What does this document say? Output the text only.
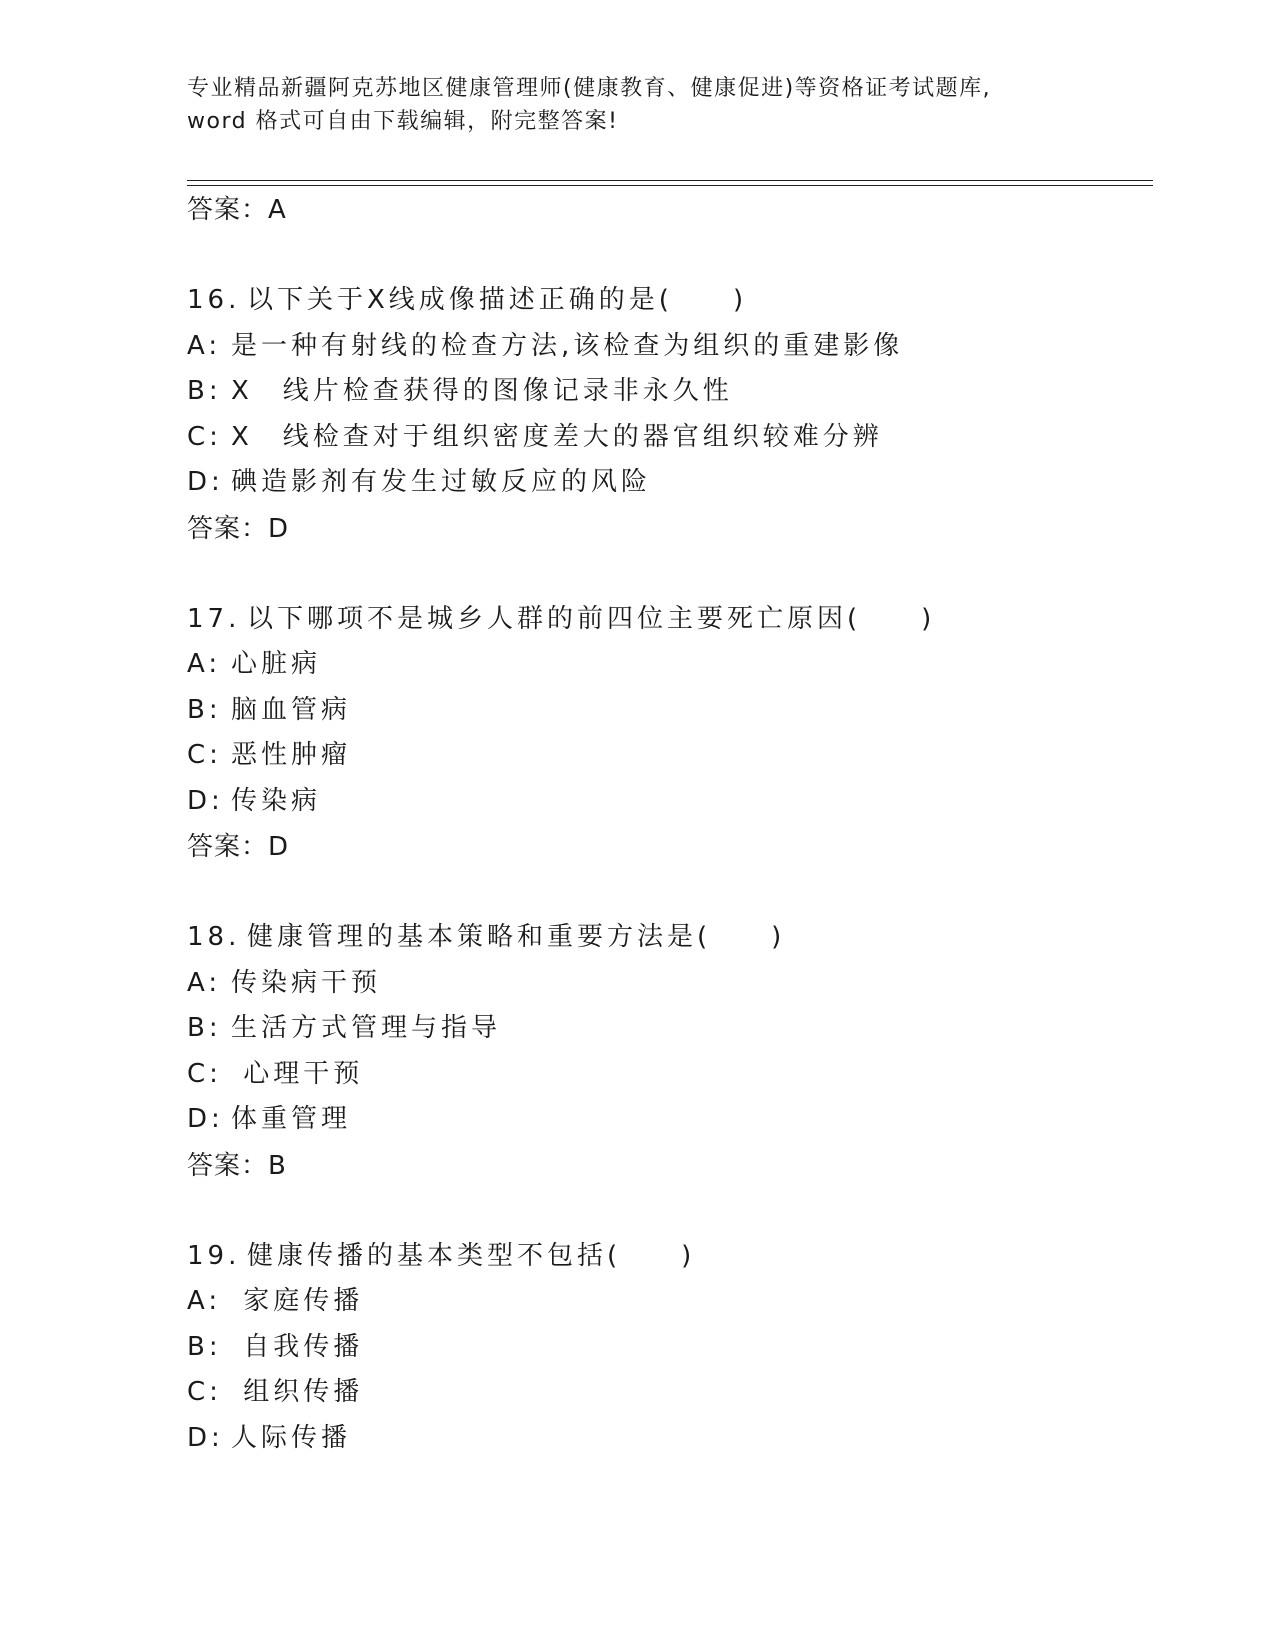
专业精品新疆阿克苏地区健康管理师(健康教育、健康促进)等资格证考试题库,
word 格式可自由下载编辑，附完整答案!
答案：A
16. 以下关于X线成像描述正确的是(　　)
A: 是一种有射线的检查方法,该检查为组织的重建影像
B: X　线片检查获得的图像记录非永久性
C: X　线检查对于组织密度差大的器官组织较难分辨
D: 碘造影剂有发生过敏反应的风险
答案：D
17. 以下哪项不是城乡人群的前四位主要死亡原因(　　)
A: 心脏病
B: 脑血管病
C: 恶性肿瘤
D: 传染病
答案：D
18. 健康管理的基本策略和重要方法是(　　)
A: 传染病干预
B: 生活方式管理与指导
C: 心理干预
D: 体重管理
答案：B
19. 健康传播的基本类型不包括(　　)
A: 家庭传播
B: 自我传播
C: 组织传播
D: 人际传播
